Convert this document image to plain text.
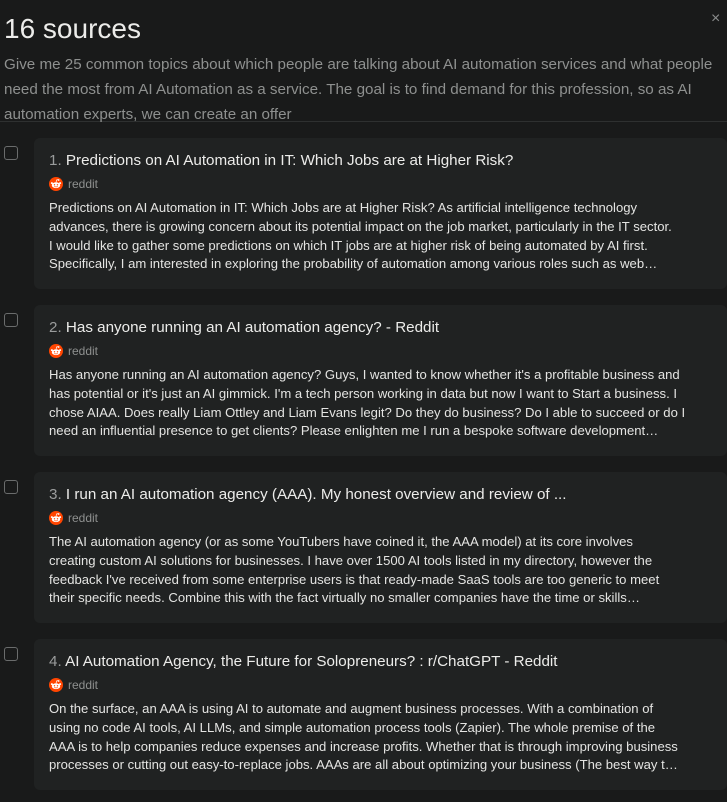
16 sources	×
Give me 25 common topics about which people are talking about AI automation services and what people need the most from AI Automation as a service. The goal is to find demand for this profession, so as AI automation experts, we can create an offer
1. Predictions on AI Automation in IT: Which Jobs are at Higher Risk?
reddit
Predictions on AI Automation in IT: Which Jobs are at Higher Risk? As artificial intelligence technology
advances, there is growing concern about its potential impact on the job market, particularly in the IT sector.
I would like to gather some predictions on which IT jobs are at higher risk of being automated by AI first.
Specifically, I am interested in exploring the probability of automation among various roles such as web…
2. Has anyone running an AI automation agency? - Reddit
reddit
Has anyone running an AI automation agency? Guys, I wanted to know whether it's a profitable business and
has potential or it's just an AI gimmick. I'm a tech person working in data but now I want to Start a business. I
chose AIAA. Does really Liam Ottley and Liam Evans legit? Do they do business? Do I able to succeed or do I
need an influential presence to get clients? Please enlighten me I run a bespoke software development…
3. I run an AI automation agency (AAA). My honest overview and review of ...
reddit
The AI automation agency (or as some YouTubers have coined it, the AAA model) at its core involves
creating custom AI solutions for businesses. I have over 1500 AI tools listed in my directory, however the
feedback I've received from some enterprise users is that ready-made SaaS tools are too generic to meet
their specific needs. Combine this with the fact virtually no smaller companies have the time or skills…
4. AI Automation Agency, the Future for Solopreneurs? : r/ChatGPT - Reddit
reddit
On the surface, an AAA is using AI to automate and augment business processes. With a combination of
using no code AI tools, AI LLMs, and simple automation process tools (Zapier). The whole premise of the
AAA is to help companies reduce expenses and increase profits. Whether that is through improving business
processes or cutting out easy-to-replace jobs. AAAs are all about optimizing your business (The best way t…
